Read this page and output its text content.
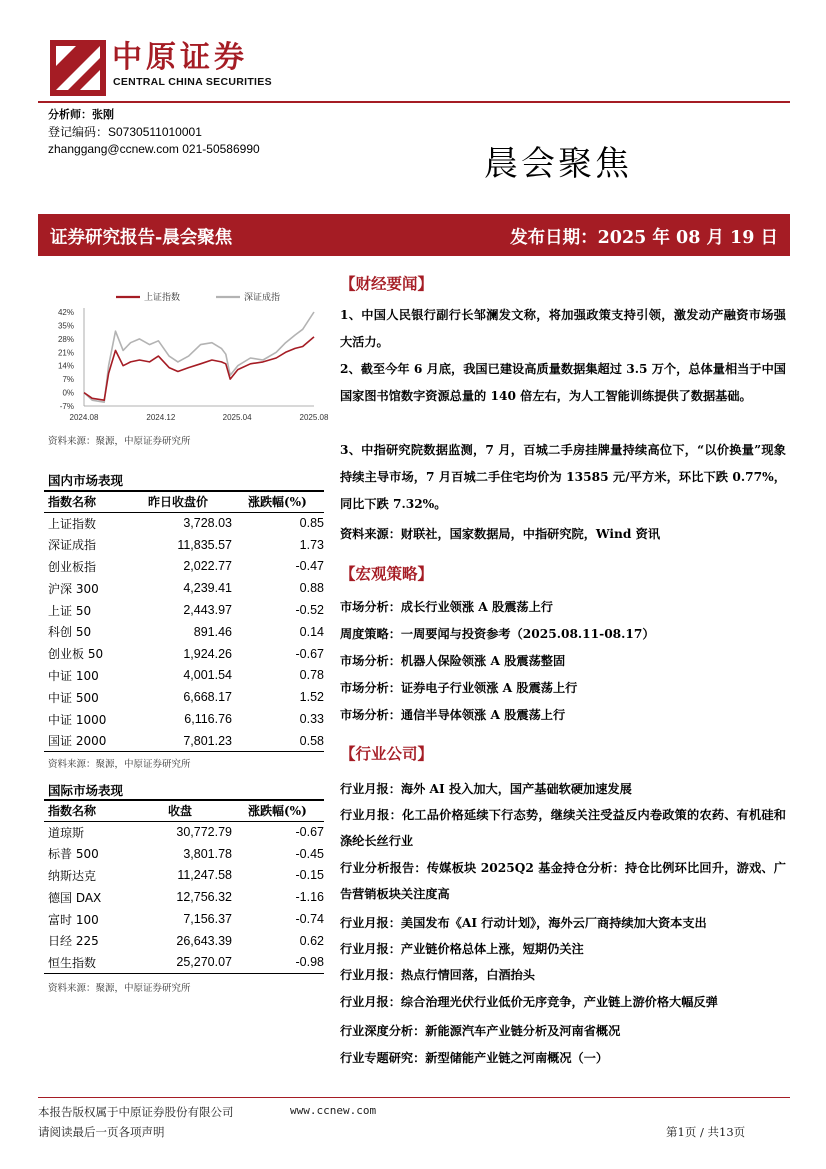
中原证券
CENTRAL CHINA SECURITIES
分析师：张刚
登记编码：S0730511010001
zhanggang@ccnew.com 021-50586990	晨会聚焦
证券研究报告-晨会聚焦	发布日期：2025 年 08 月 19 日
42%
35%
28%
21%
14%
7%
0%
-7%
2024.08	2024.12	2025.04	2025.08
上证指数	深证成指
资料来源：聚源，中原证券研究所
国内市场表现
指数名称	昨日收盘价	涨跌幅(%)
上证指数	3,728.03	0.85
深证成指	11,835.57	1.73
创业板指	2,022.77	-0.47
沪深 300	4,239.41	0.88
上证 50	2,443.97	-0.52
科创 50	891.46	0.14
创业板 50	1,924.26	-0.67
中证 100	4,001.54	0.78
中证 500	6,668.17	1.52
中证 1000	6,116.76	0.33
国证 2000	7,801.23	0.58
资料来源：聚源，中原证券研究所
国际市场表现
指数名称	收盘	涨跌幅(%)
道琼斯	30,772.79	-0.67
标普 500	3,801.78	-0.45
纳斯达克	11,247.58	-0.15
德国 DAX	12,756.32	-1.16
富时 100	7,156.37	-0.74
日经 225	26,643.39	0.62
恒生指数	25,270.07	-0.98
资料来源：聚源，中原证券研究所
【财经要闻】
1、中国人民银行副行长邹澜发文称，将加强政策支持引领，激发动产融资市场强大活力。
2、截至今年 6 月底，我国已建设高质量数据集超过 3.5 万个，总体量相当于中国国家图书馆数字资源总量的 140 倍左右，为人工智能训练提供了数据基础。
3、中指研究院数据监测，7 月，百城二手房挂牌量持续高位下，“以价换量”现象持续主导市场，7 月百城二手住宅均价为 13585 元/平方米，环比下跌 0.77%，同比下跌 7.32%。
资料来源：财联社，国家数据局，中指研究院，Wind 资讯
【宏观策略】
市场分析：成长行业领涨 A 股震荡上行
周度策略：一周要闻与投资参考（2025.08.11-08.17）
市场分析：机器人保险领涨 A 股震荡整固
市场分析：证券电子行业领涨 A 股震荡上行
市场分析：通信半导体领涨 A 股震荡上行
【行业公司】
行业月报：海外 AI 投入加大，国产基础软硬加速发展
行业月报：化工品价格延续下行态势，继续关注受益反内卷政策的农药、有机硅和涤纶长丝行业
行业分析报告：传媒板块 2025Q2 基金持仓分析：持仓比例环比回升，游戏、广告营销板块关注度高
行业月报：美国发布《AI 行动计划》，海外云厂商持续加大资本支出
行业月报：产业链价格总体上涨，短期仍关注
行业月报：热点行情回落，白酒抬头
行业月报：综合治理光伏行业低价无序竞争，产业链上游价格大幅反弹
行业深度分析：新能源汽车产业链分析及河南省概况
行业专题研究：新型储能产业链之河南概况（一）
本报告版权属于中原证券股份有限公司	www.ccnew.com
请阅读最后一页各项声明	第1页 / 共13页
